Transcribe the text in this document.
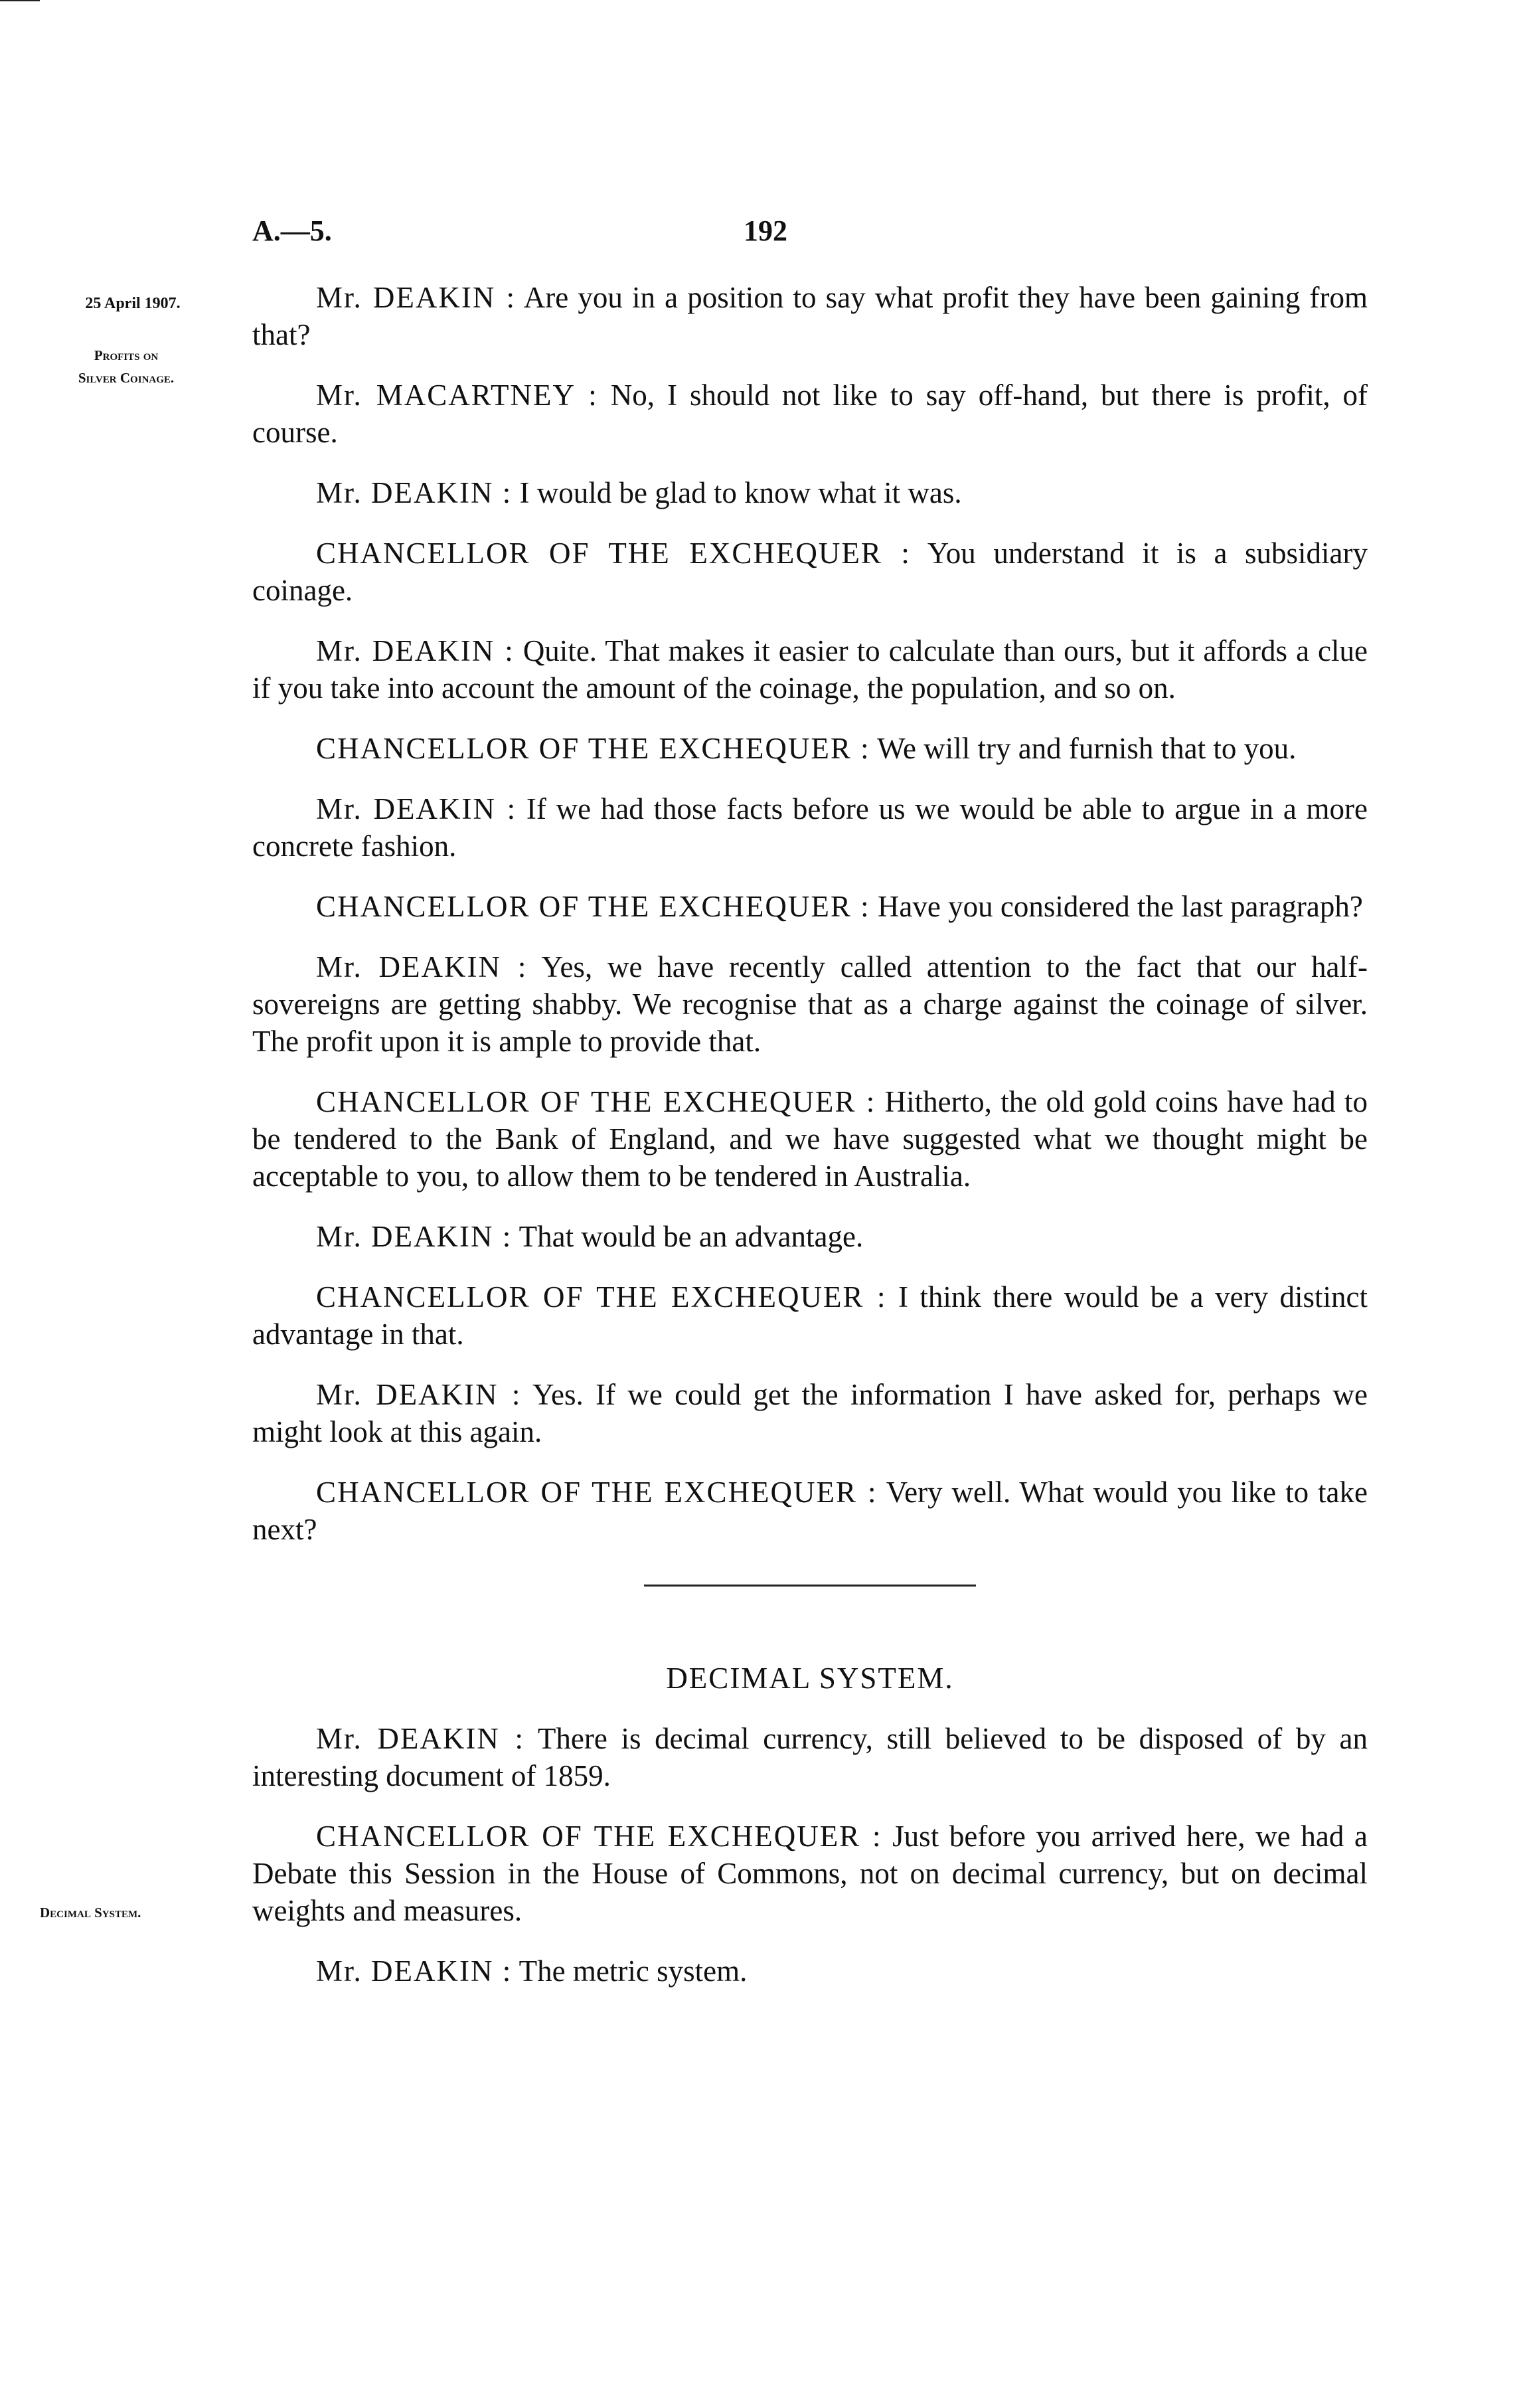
A.—5.	192
25 April 1907.
Profits on
Silver Coinage.
Decimal System.

Mr. DEAKIN : Are you in a position to say what profit they have been gaining from that?

Mr. MACARTNEY : No, I should not like to say off-hand, but there is profit, of course.

Mr. DEAKIN : I would be glad to know what it was.

CHANCELLOR OF THE EXCHEQUER : You understand it is a subsidiary coinage.

Mr. DEAKIN : Quite. That makes it easier to calculate than ours, but it affords a clue if you take into account the amount of the coinage, the population, and so on.

CHANCELLOR OF THE EXCHEQUER : We will try and furnish that to you.

Mr. DEAKIN : If we had those facts before us we would be able to argue in a more concrete fashion.

CHANCELLOR OF THE EXCHEQUER : Have you considered the last paragraph?

Mr. DEAKIN : Yes, we have recently called attention to the fact that our half-sovereigns are getting shabby. We recognise that as a charge against the coinage of silver. The profit upon it is ample to provide that.

CHANCELLOR OF THE EXCHEQUER : Hitherto, the old gold coins have had to be tendered to the Bank of England, and we have suggested what we thought might be acceptable to you, to allow them to be tendered in Australia.

Mr. DEAKIN : That would be an advantage.

CHANCELLOR OF THE EXCHEQUER : I think there would be a very distinct advantage in that.

Mr. DEAKIN : Yes. If we could get the information I have asked for, perhaps we might look at this again.

CHANCELLOR OF THE EXCHEQUER : Very well. What would you like to take next?

DECIMAL SYSTEM.

Mr. DEAKIN : There is decimal currency, still believed to be disposed of by an interesting document of 1859.

CHANCELLOR OF THE EXCHEQUER : Just before you arrived here, we had a Debate this Session in the House of Commons, not on decimal currency, but on decimal weights and measures.

Mr. DEAKIN : The metric system.
